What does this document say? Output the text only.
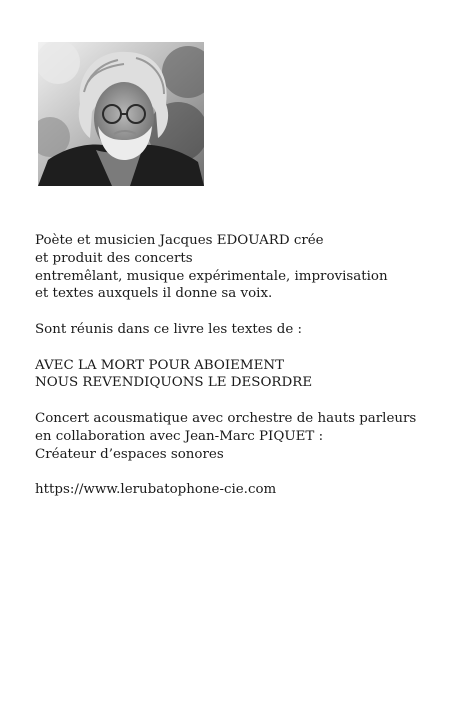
Poète et musicien Jacques EDOUARD crée
et produit des concerts
entremêlant, musique expérimentale, improvisation
et textes auxquels il donne sa voix.
Sont réunis dans ce livre les textes de :
AVEC LA MORT POUR ABOIEMENT
NOUS REVENDIQUONS LE DESORDRE
Concert acousmatique avec orchestre de hauts parleurs
en collaboration avec Jean-Marc PIQUET :
Créateur d’espaces sonores
https://www.lerubatophone-cie.com
